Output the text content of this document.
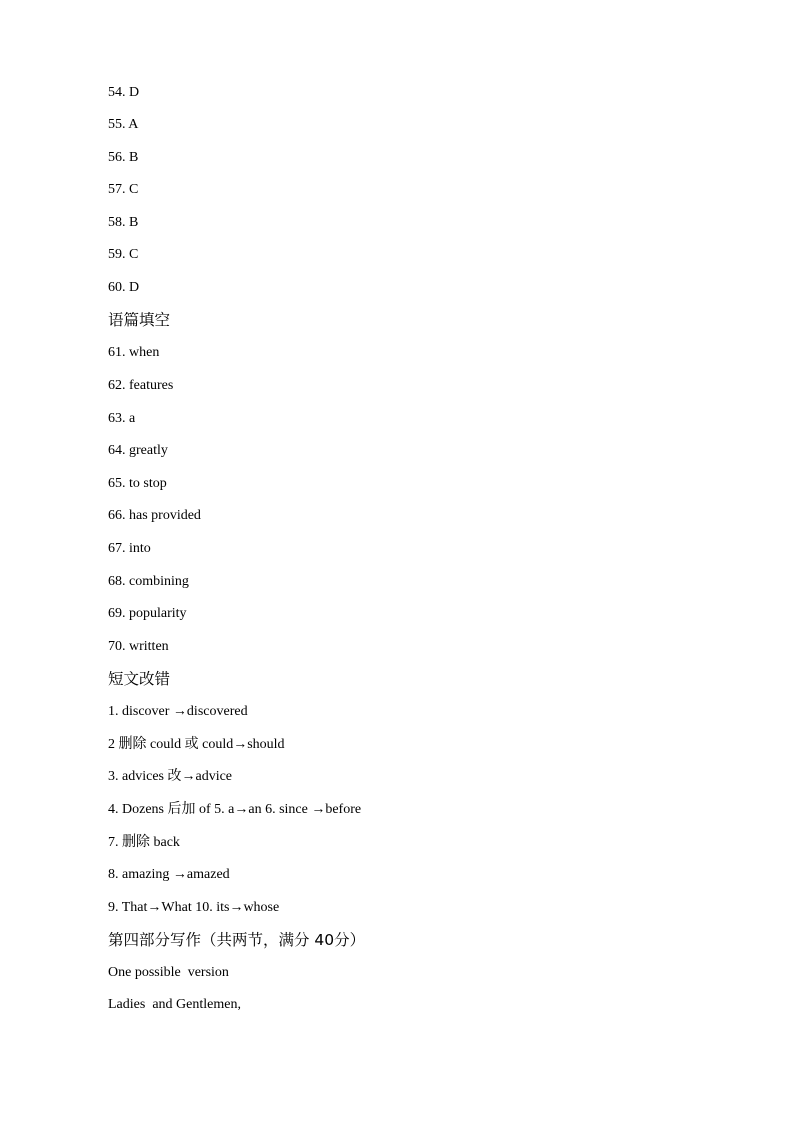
54. D
55. A
56. B
57. C
58. B
59. C
60. D
语篇填空
61. when
62. features
63. a
64. greatly
65. to stop
66. has provided
67. into
68. combining
69. popularity
70. written
短文改错
1. discover →discovered
2 删除 could 或 could→should
3. advices 改→advice
4. Dozens 后加 of 5. a→an 6. since →before
7. 删除 back
8. amazing →amazed
9. That→What 10. its→whose
第四部分写作（共两节，满分 40分）
One possible  version
Ladies  and Gentlemen,
